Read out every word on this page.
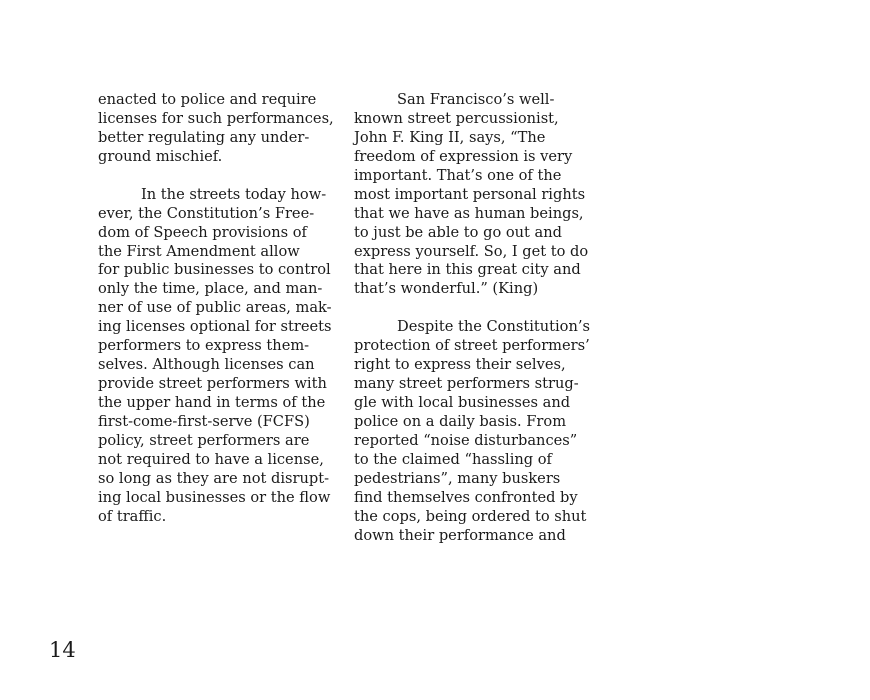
enacted to police and require
licenses for such performances,
better regulating any under-
ground mischief.
In the streets today how-
ever, the Constitution’s Free-
dom of Speech provisions of
the First Amendment allow
for public businesses to control
only the time, place, and man-
ner of use of public areas, mak-
ing licenses optional for streets
performers to express them-
selves. Although licenses can
provide street performers with
the upper hand in terms of the
first-come-first-serve (FCFS)
policy, street performers are
not required to have a license,
so long as they are not disrupt-
ing local businesses or the flow
of traffic.
San Francisco’s well-
known street percussionist,
John F. King II, says, “The
freedom of expression is very
important. That’s one of the
most important personal rights
that we have as human beings,
to just be able to go out and
express yourself. So, I get to do
that here in this great city and
that’s wonderful.” (King)
Despite the Constitution’s
protection of street performers’
right to express their selves,
many street performers strug-
gle with local businesses and
police on a daily basis. From
reported “noise disturbances”
to the claimed “hassling of
pedestrians”, many buskers
find themselves confronted by
the cops, being ordered to shut
down their performance and
14
